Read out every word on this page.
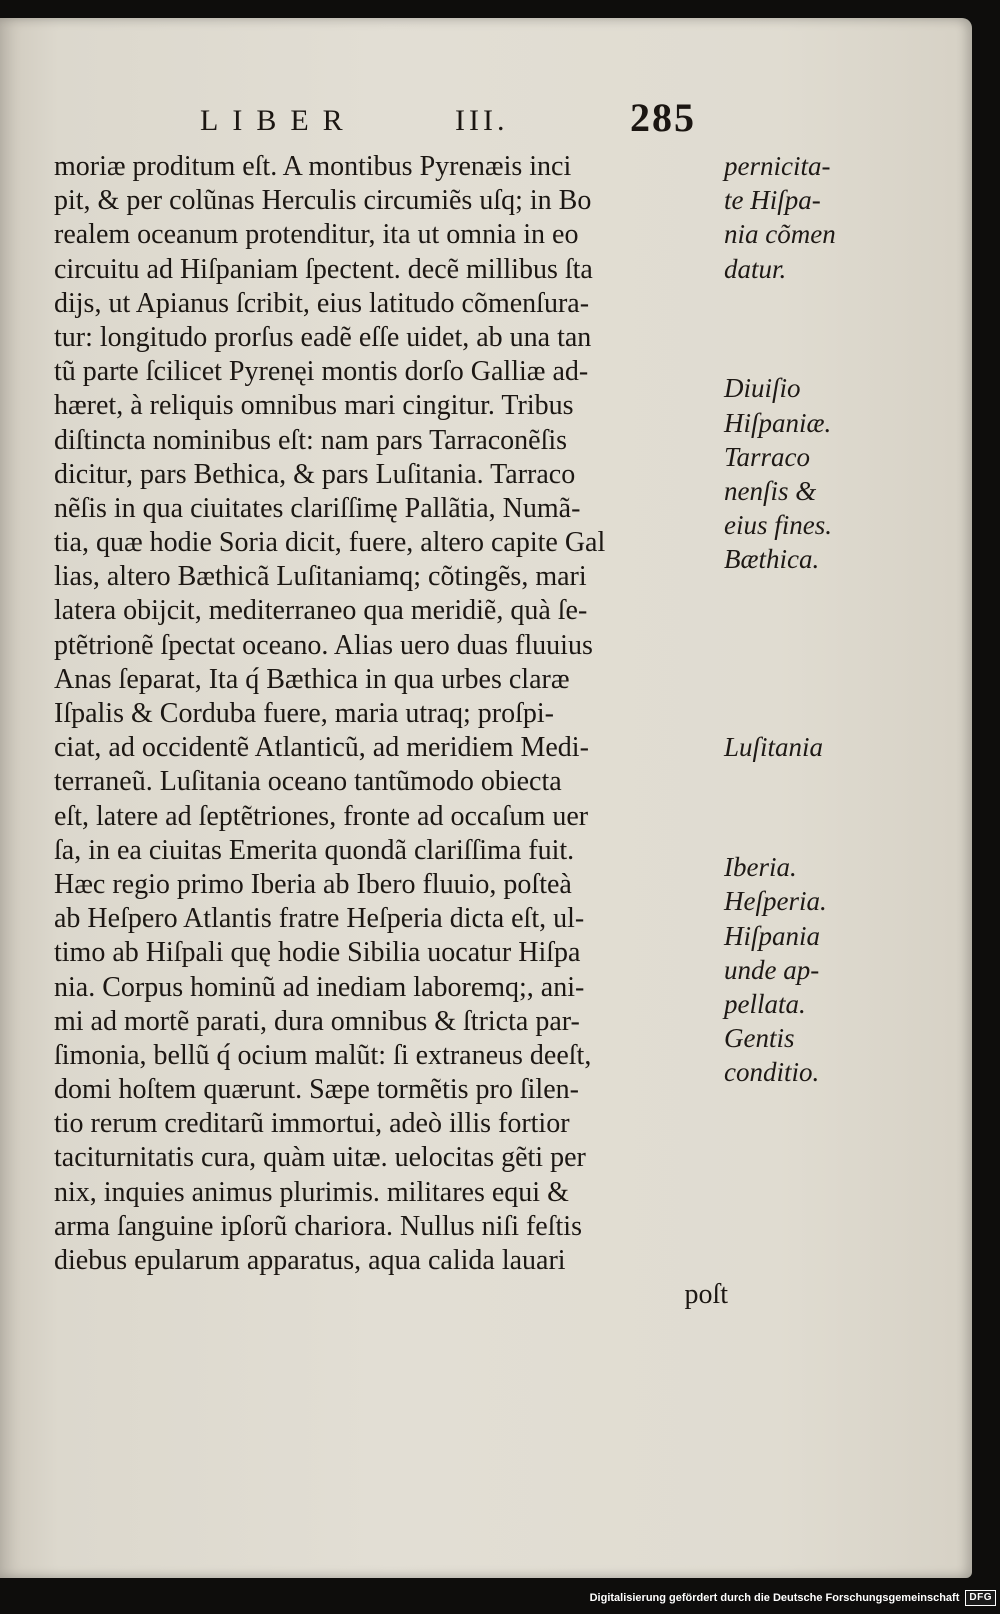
LIBER	III.	285
moriæ proditum eſt. A montibus Pyrenæis inci
pit, & per colũnas Herculis circumiẽs uſq; in Bo
realem oceanum protenditur, ita ut omnia in eo
circuitu ad Hiſpaniam ſpectent. decẽ millibus ſta
dijs, ut Apianus ſcribit, eius latitudo cõmenſura-
tur: longitudo prorſus eadẽ eſſe uidet, ab una tan
tũ parte ſcilicet Pyrenęi montis dorſo Galliæ ad-
hæret, à reliquis omnibus mari cingitur. Tribus
diſtincta nominibus eſt: nam pars Tarraconẽſis
dicitur, pars Bethica, & pars Luſitania. Tarraco
nẽſis in qua ciuitates clariſſimę Pallãtia, Numã-
tia, quæ hodie Soria dicit, fuere, altero capite Gal
lias, altero Bæthicã Luſitaniamq; cõtingẽs, mari
latera obijcit, mediterraneo qua meridiẽ, quà ſe-
ptẽtrionẽ ſpectat oceano. Alias uero duas fluuius
Anas ſeparat, Ita q́ Bæthica in qua urbes claræ
Iſpalis & Corduba fuere, maria utraq; proſpi-
ciat, ad occidentẽ Atlanticũ, ad meridiem Medi-
terraneũ. Luſitania oceano tantũmodo obiecta
eſt, latere ad ſeptẽtriones, fronte ad occaſum uer
ſa, in ea ciuitas Emerita quondã clariſſima fuit.
Hæc regio primo Iberia ab Ibero fluuio, poſteà
ab Heſpero Atlantis fratre Heſperia dicta eſt, ul-
timo ab Hiſpali quę hodie Sibilia uocatur Hiſpa
nia. Corpus hominũ ad inediam laboremq;, ani-
mi ad mortẽ parati, dura omnibus & ſtricta par-
ſimonia, bellũ q́ ocium malũt: ſi extraneus deeſt,
domi hoſtem quærunt. Sæpe tormẽtis pro ſilen-
tio rerum creditarũ immortui, adeò illis fortior
taciturnitatis cura, quàm uitæ. uelocitas gẽti per
nix, inquies animus plurimis. militares equi &
arma ſanguine ipſorũ chariora. Nullus niſi feſtis
diebus epularum apparatus, aqua calida lauari
poſt
pernicita-
te Hiſpa-
nia cõmen
datur.
Diuiſio
Hiſpaniæ.
Tarraco
nenſis &
eius fines.
Bæthica.
Luſitania
Iberia.
Heſperia.
Hiſpania
unde ap-
pellata.
Gentis
conditio.
Digitalisierung gefördert durch die Deutsche Forschungsgemeinschaft	DFG
